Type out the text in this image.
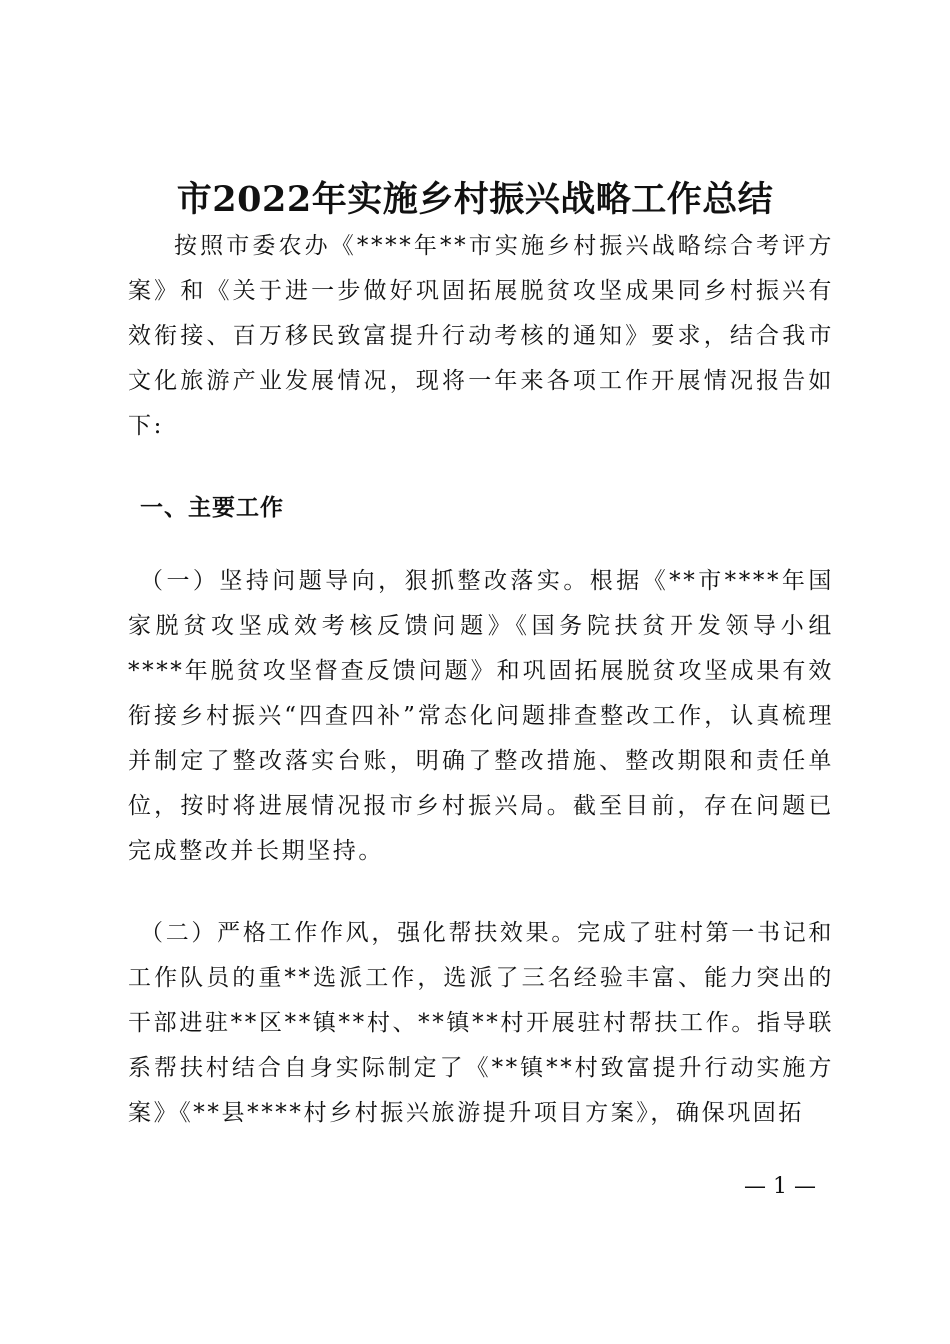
市2022年实施乡村振兴战略工作总结
按照市委农办《****年**市实施乡村振兴战略综合考评方案》和《关于进一步做好巩固拓展脱贫攻坚成果同乡村振兴有效衔接、百万移民致富提升行动考核的通知》要求，结合我市文化旅游产业发展情况，现将一年来各项工作开展情况报告如下:
一、主要工作
（一）坚持问题导向，狠抓整改落实。根据《**市****年国家脱贫攻坚成效考核反馈问题》《国务院扶贫开发领导小组****年脱贫攻坚督查反馈问题》和巩固拓展脱贫攻坚成果有效衔接乡村振兴“四查四补”常态化问题排查整改工作，认真梳理并制定了整改落实台账，明确了整改措施、整改期限和责任单位，按时将进展情况报市乡村振兴局。截至目前，存在问题已完成整改并长期坚持。
（二）严格工作作风，强化帮扶效果。完成了驻村第一书记和工作队员的重**选派工作，选派了三名经验丰富、能力突出的干部进驻**区**镇**村、**镇**村开展驻村帮扶工作。指导联系帮扶村结合自身实际制定了《**镇**村致富提升行动实施方案》《**县****村乡村振兴旅游提升项目方案》，确保巩固拓
— 1 —
